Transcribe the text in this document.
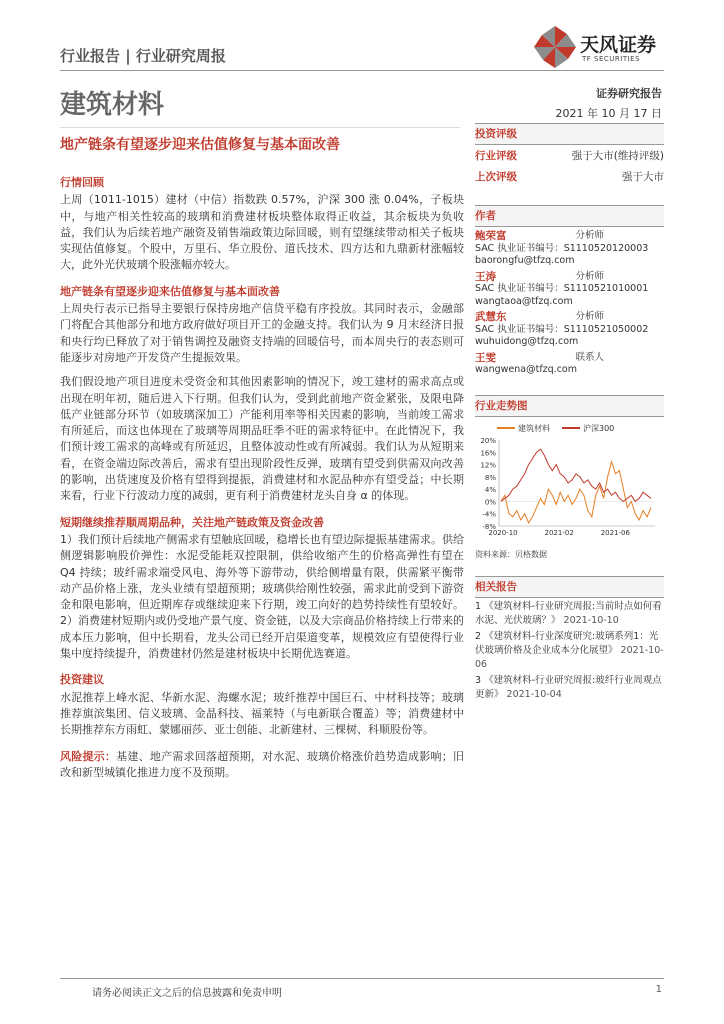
行业报告 | 行业研究周报	天风证券
TF SECURITIES
建筑材料	证券研究报告
2021 年 10 月 17 日
地产链条有望逐步迎来估值修复与基本面改善
行情回顾

上周（1011-1015）建材（中信）指数跌 0.57%，沪深 300 涨 0.04%，子板块中，与地产相关性较高的玻璃和消费建材板块整体取得正收益，其余板块为负收益，我们认为后续若地产融资及销售端政策边际回暖，则有望继续带动相关子板块实现估值修复。个股中，万里石、华立股份、道氏技术、四方达和九鼎新材涨幅较大，此外光伏玻璃个股涨幅亦较大。

地产链条有望逐步迎来估值修复与基本面改善

上周央行表示已指导主要银行保持房地产信贷平稳有序投放。其同时表示，金融部门将配合其他部分和地方政府做好项目开工的金融支持。我们认为 9 月末经济日报和央行均已释放了对于销售调控及融资支持端的回暖信号，而本周央行的表态则可能逐步对房地产开发贷产生提振效果。

我们假设地产项目进度未受资金和其他因素影响的情况下，竣工建材的需求高点或出现在明年初，随后进入下行期。但我们认为，受到此前地产资金紧张，及限电降低产业链部分环节（如玻璃深加工）产能利用率等相关因素的影响，当前竣工需求有所延后，而这也体现在了玻璃等周期品旺季不旺的需求特征中。在此情况下，我们预计竣工需求的高峰或有所延迟，且整体波动性或有所减弱。我们认为从短期来看，在资金端边际改善后，需求有望出现阶段性反弹，玻璃有望受到供需双向改善的影响，出货速度及价格有望得到提振，消费建材和水泥品种亦有望受益；中长期来看，行业下行波动力度的减弱，更有利于消费建材龙头自身 α 的体现。

短期继续推荐顺周期品种，关注地产链政策及资金改善

1）我们预计后续地产侧需求有望触底回暖，稳增长也有望边际提振基建需求。供给侧逻辑影响股价弹性：水泥受能耗双控限制，供给收缩产生的价格高弹性有望在 Q4 持续；玻纤需求端受风电、海外等下游带动，供给侧增量有限，供需紧平衡带动产品价格上涨，龙头业绩有望超预期；玻璃供给刚性较强，需求此前受到下游资金和限电影响，但近期库存或继续迎来下行期，竣工向好的趋势持续性有望较好。2）消费建材短期内或仍受地产景气度、资金链，以及大宗商品价格持续上行带来的成本压力影响，但中长期看，龙头公司已经开启渠道变革，规模效应有望使得行业集中度持续提升，消费建材仍然是建材板块中长期优选赛道。

投资建议

水泥推荐上峰水泥、华新水泥、海螺水泥；玻纤推荐中国巨石、中材科技等；玻璃推荐旗滨集团、信义玻璃、金晶科技、福莱特（与电新联合覆盖）等；消费建材中长期推荐东方雨虹、蒙娜丽莎、亚士创能、北新建材、三棵树、科顺股份等。

风险提示：基建、地产需求回落超预期，对水泥、玻璃价格涨价趋势造成影响；旧改和新型城镇化推进力度不及预期。

投资评级
行业评级	强于大市(维持评级)
上次评级	强于大市
作者
鲍荣富	分析师
SAC 执业证书编号：S1110520120003
baorongfu@tfzq.com
王涛	分析师
SAC 执业证书编号：S1110521010001
wangtaoa@tfzq.com
武慧东	分析师
SAC 执业证书编号：S1110521050002
wuhuidong@tfzq.com
王雯	联系人
wangwena@tfzq.com
行业走势图
建筑材料	沪深300
20%
16%
12%
8%
4%
0%
-4%
-8%
2020-10	2021-02	2021-06
资料来源：贝格数据
相关报告
1 《建筑材料-行业研究周报:当前时点如何看水泥、光伏玻璃？》 2021-10-10
2 《建筑材料-行业深度研究:玻璃系列1：光伏玻璃价格及企业成本分化展望》 2021-10-06
3 《建筑材料-行业研究周报:玻纤行业周观点更新》 2021-10-04
请务必阅读正文之后的信息披露和免责申明	1
